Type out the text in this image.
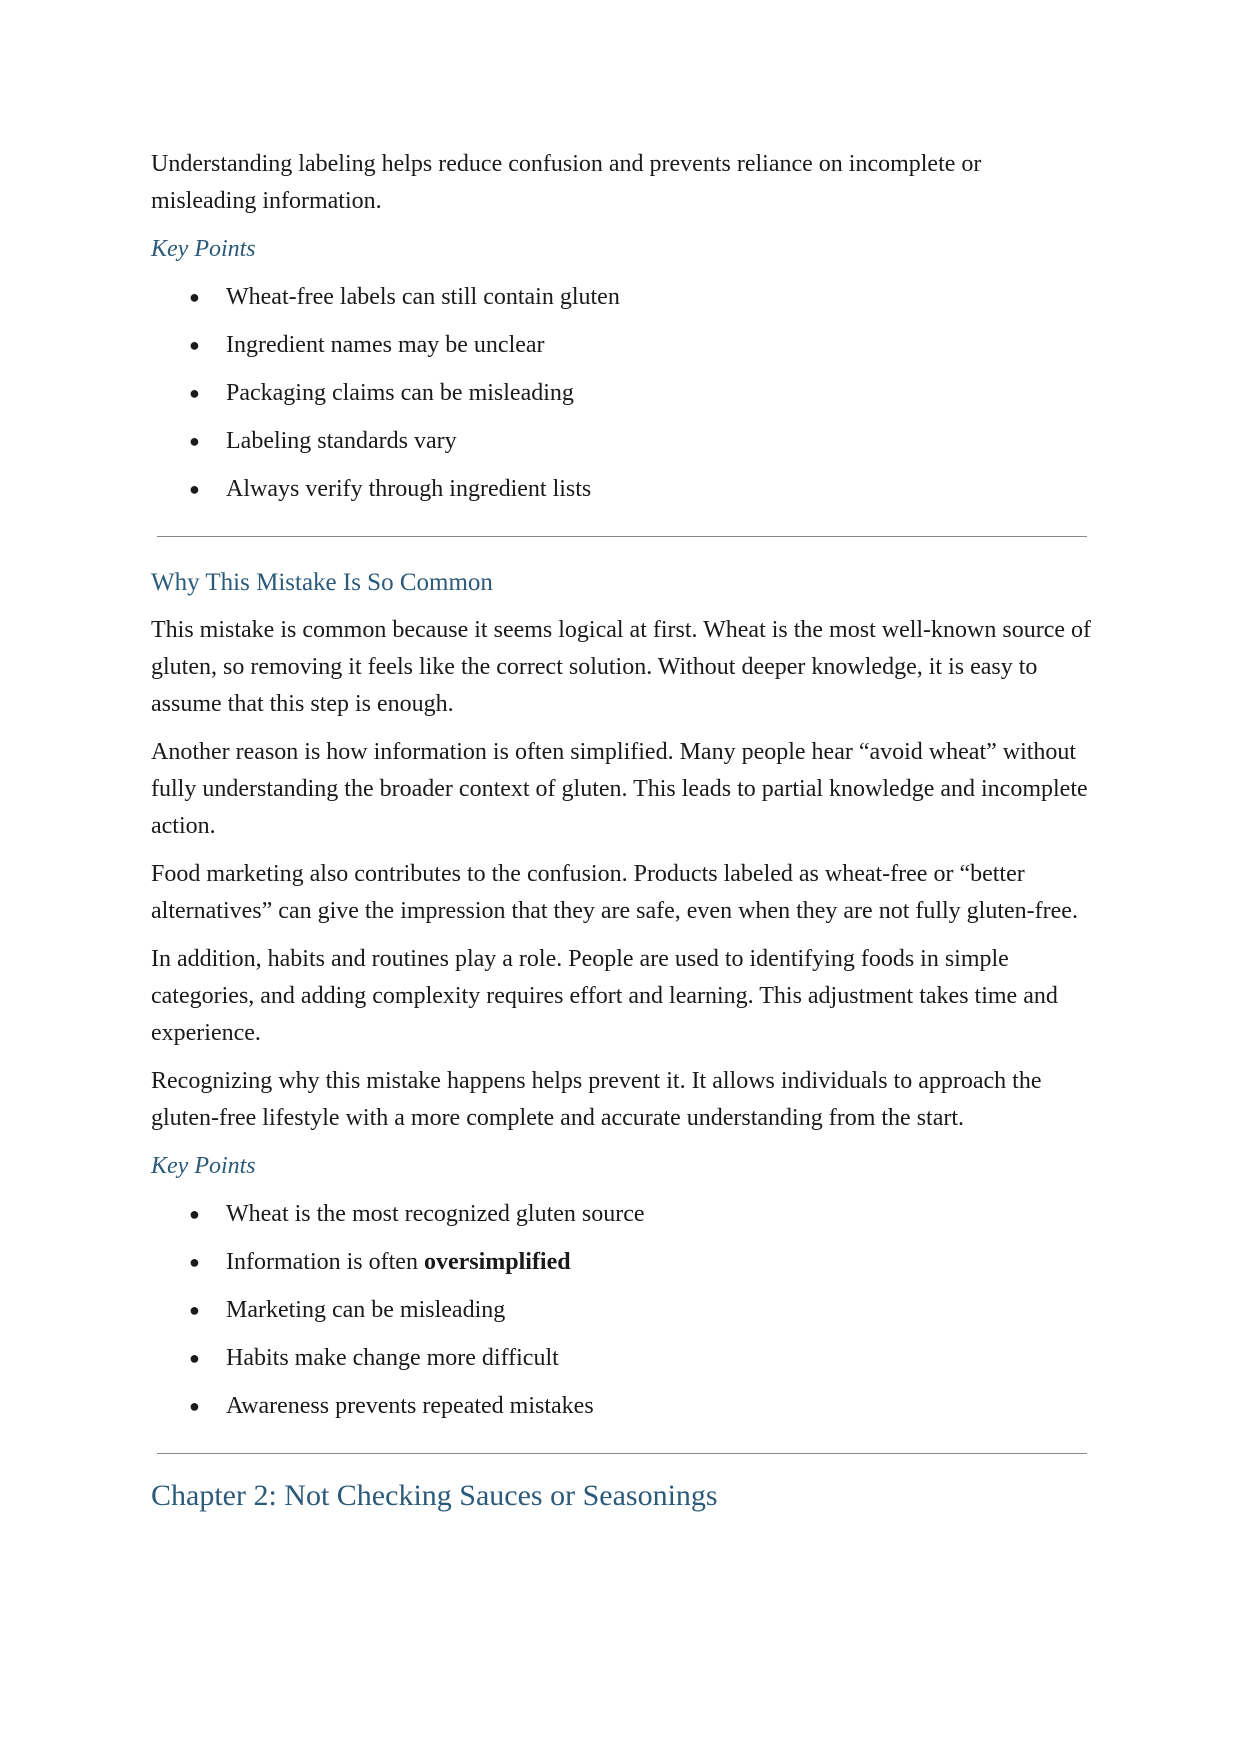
Understanding labeling helps reduce confusion and prevents reliance on incomplete or misleading information.

Key Points
● Wheat-free labels can still contain gluten
● Ingredient names may be unclear
● Packaging claims can be misleading
● Labeling standards vary
● Always verify through ingredient lists
Why This Mistake Is So Common

This mistake is common because it seems logical at first. Wheat is the most well-known source of gluten, so removing it feels like the correct solution. Without deeper knowledge, it is easy to assume that this step is enough.

Another reason is how information is often simplified. Many people hear “avoid wheat” without fully understanding the broader context of gluten. This leads to partial knowledge and incomplete action.

Food marketing also contributes to the confusion. Products labeled as wheat-free or “better alternatives” can give the impression that they are safe, even when they are not fully gluten-free.

In addition, habits and routines play a role. People are used to identifying foods in simple categories, and adding complexity requires effort and learning. This adjustment takes time and experience.

Recognizing why this mistake happens helps prevent it. It allows individuals to approach the gluten-free lifestyle with a more complete and accurate understanding from the start.

Key Points
● Wheat is the most recognized gluten source
● Information is often oversimplified
● Marketing can be misleading
● Habits make change more difficult
● Awareness prevents repeated mistakes
Chapter 2: Not Checking Sauces or Seasonings
